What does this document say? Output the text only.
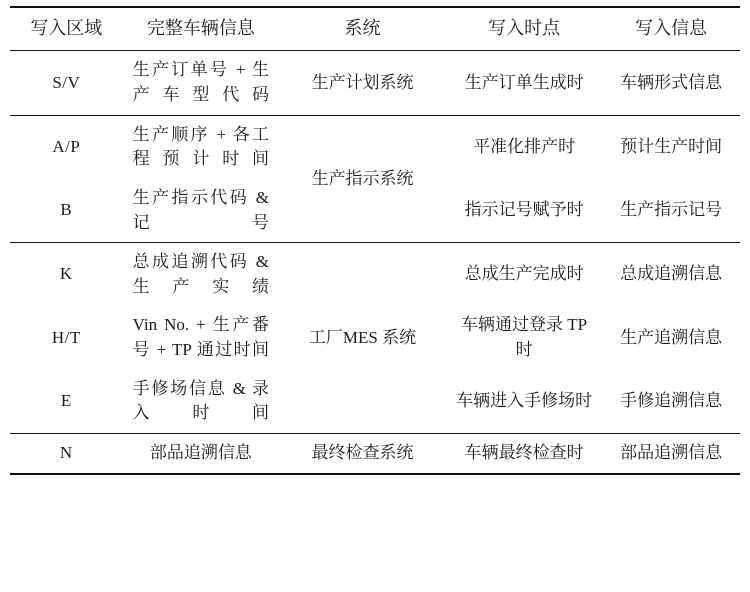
写入区域	完整车辆信息	系统	写入时点	写入信息
S/V	生产订单号 + 生产车型代码	生产计划系统	生产订单生成时	车辆形式信息
A/P	生产顺序 + 各工程预计时间	生产指示系统	平准化排产时	预计生产时间
B	生产指示代码 & 记号		指示记号赋予时	生产指示记号
K	总成追溯代码 & 生产实绩	工厂MES 系统	总成生产完成时	总成追溯信息
H/T	Vin No. + 生产番号 + TP 通过时间		车辆通过登录 TP 时	生产追溯信息
E	手修场信息 & 录入时间		车辆进入手修场时	手修追溯信息
N	部品追溯信息	最终检查系统	车辆最终检查时	部品追溯信息
